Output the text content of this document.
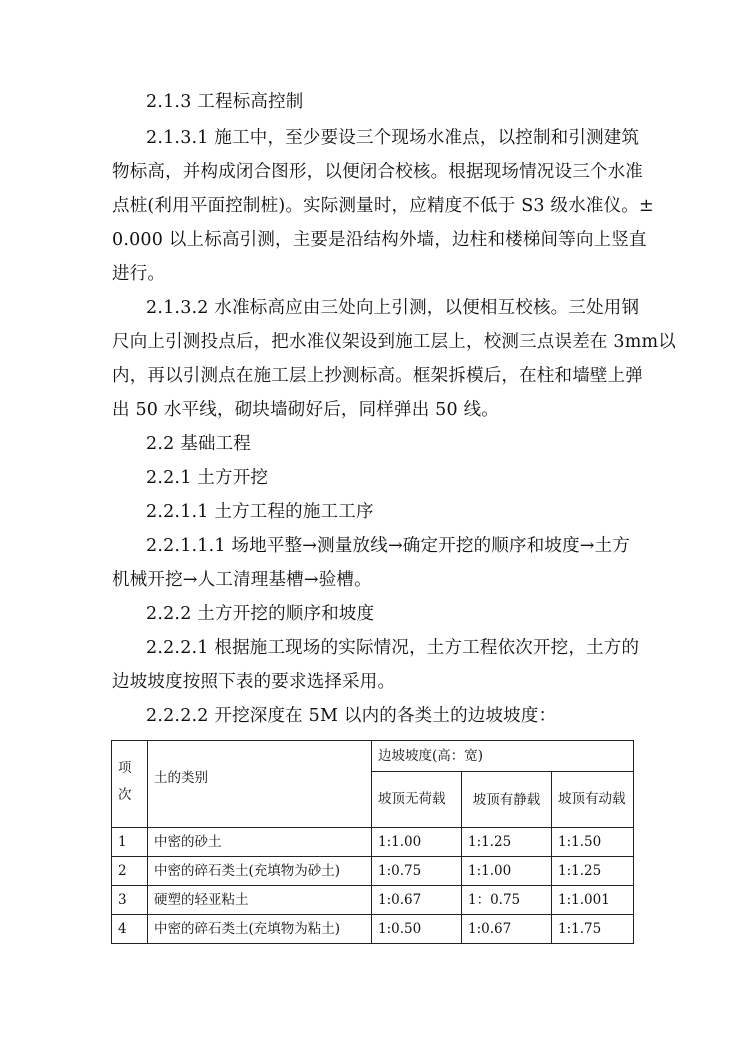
2.1.3 工程标高控制

2.1.3.1 施工中，至少要设三个现场水准点，以控制和引测建筑

物标高，并构成闭合图形，以便闭合校核。根据现场情况设三个水准

点桩(利用平面控制桩)。实际测量时，应精度不低于 S3 级水准仪。±

0.000 以上标高引测，主要是沿结构外墙，边柱和楼梯间等向上竖直

进行。

2.1.3.2 水准标高应由三处向上引测，以便相互校核。三处用钢

尺向上引测投点后，把水准仪架设到施工层上，校测三点误差在 3mm以

内，再以引测点在施工层上抄测标高。框架拆模后，在柱和墙壁上弹

出 50 水平线，砌块墙砌好后，同样弹出 50 线。

2.2 基础工程

2.2.1 土方开挖

2.2.1.1 土方工程的施工工序

2.2.1.1.1 场地平整→测量放线→确定开挖的顺序和坡度→土方

机械开挖→人工清理基槽→验槽。

2.2.2 土方开挖的顺序和坡度

2.2.2.1 根据施工现场的实际情况，土方工程依次开挖，土方的

边坡坡度按照下表的要求选择采用。

2.2.2.2 开挖深度在 5M 以内的各类土的边坡坡度：

项次	土的类别	边坡坡度(高：宽)		
		坡顶无荷载	坡顶有静载	坡顶有动载
1	中密的砂土	1:1.00	1:1.25	1:1.50
2	中密的碎石类土(充填物为砂土)	1:0.75	1:1.00	1:1.25
3	硬塑的轻亚粘土	1:0.67	1：0.75	1:1.001
4	中密的碎石类土(充填物为粘土)	1:0.50	1:0.67	1:1.75
